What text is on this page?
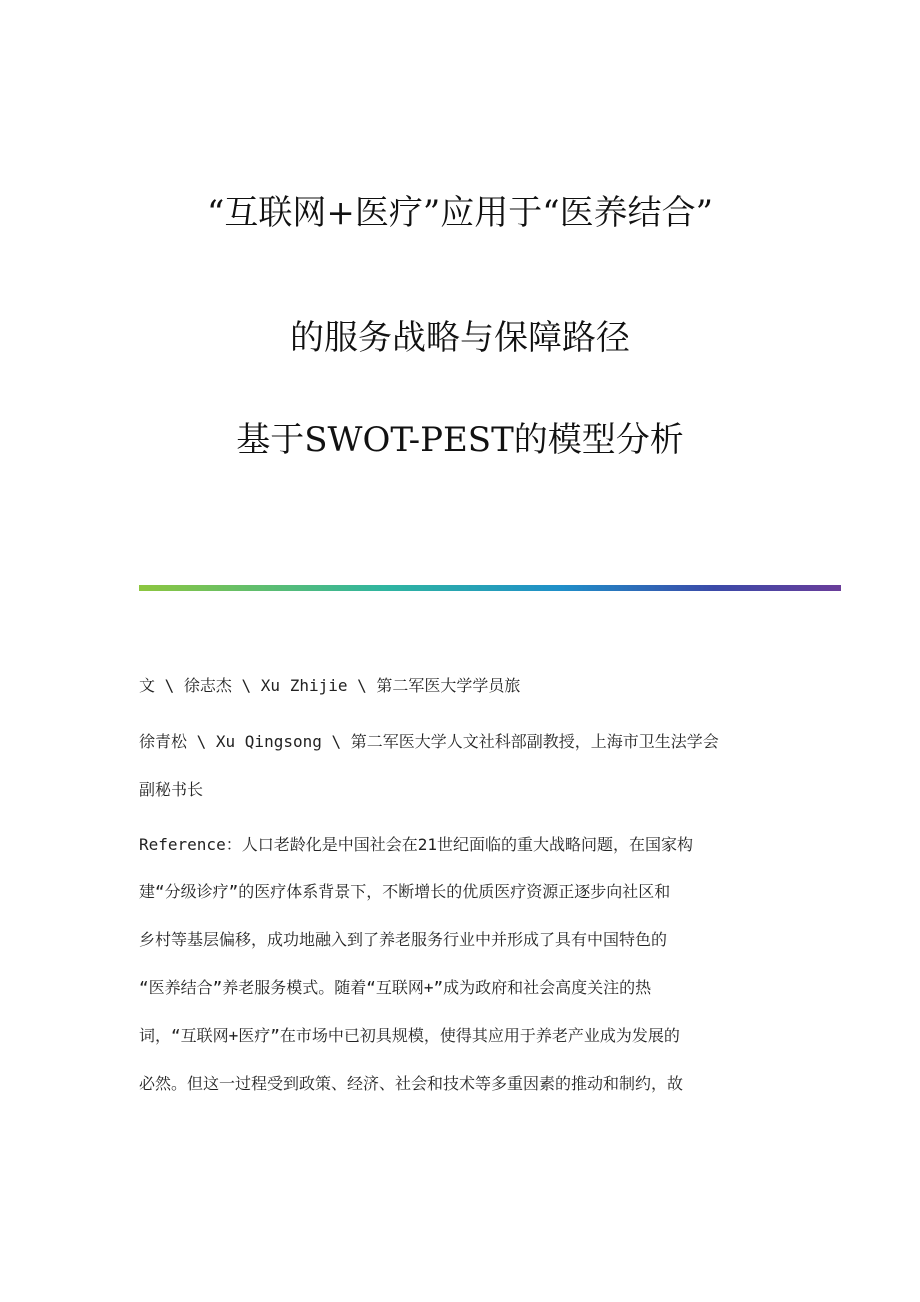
“互联网+医疗”应用于“医养结合”
的服务战略与保障路径
基于SWOT-PEST的模型分析
文 \ 徐志杰 \ Xu Zhijie \ 第二军医大学学员旅
徐青松 \ Xu Qingsong \ 第二军医大学人文社科部副教授，上海市卫生法学会
副秘书长
Reference：人口老龄化是中国社会在21世纪面临的重大战略问题，在国家构
建“分级诊疗”的医疗体系背景下，不断增长的优质医疗资源正逐步向社区和
乡村等基层偏移，成功地融入到了养老服务行业中并形成了具有中国特色的
“医养结合”养老服务模式。随着“互联网+”成为政府和社会高度关注的热
词，“互联网+医疗”在市场中已初具规模，使得其应用于养老产业成为发展的
必然。但这一过程受到政策、经济、社会和技术等多重因素的推动和制约，故
